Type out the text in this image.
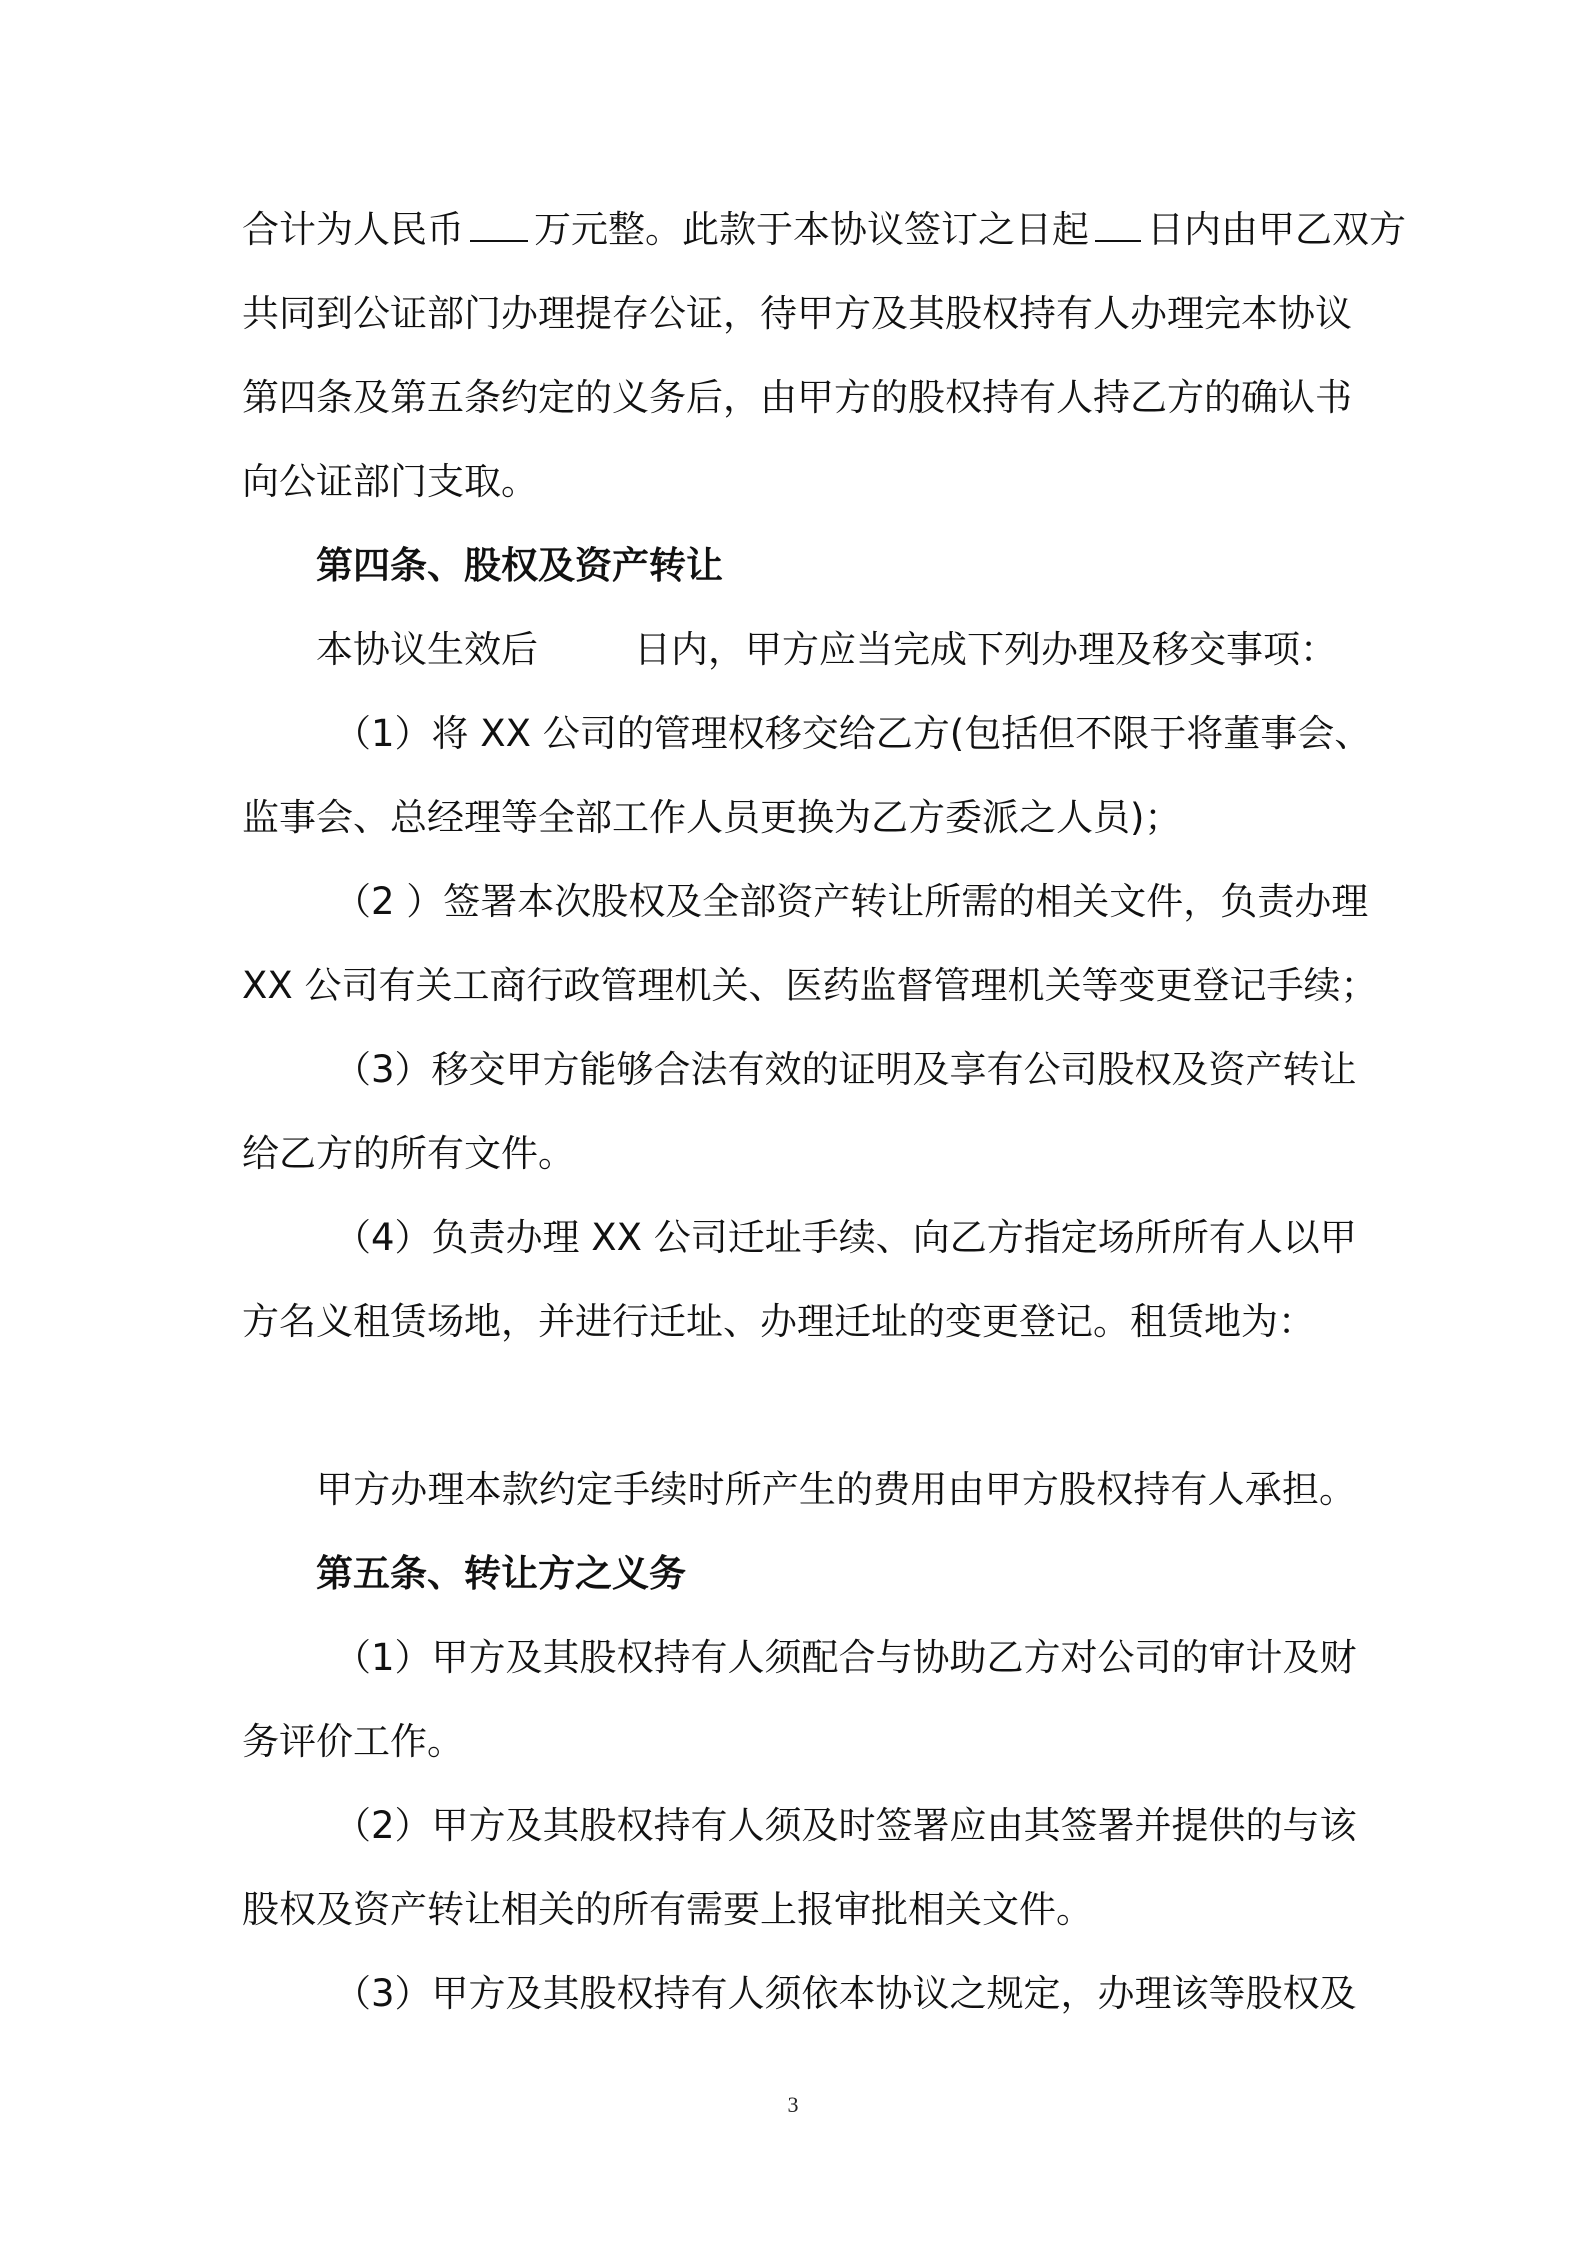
合计为人民币 万元整。此款于本协议签订之日起 日内由甲乙双方
共同到公证部门办理提存公证，待甲方及其股权持有人办理完本协议
第四条及第五条约定的义务后，由甲方的股权持有人持乙方的确认书
向公证部门支取。
第四条、股权及资产转让
本协议生效后	日内，甲方应当完成下列办理及移交事项：
（1）将 XX 公司的管理权移交给乙方(包括但不限于将董事会、
监事会、总经理等全部工作人员更换为乙方委派之人员)；
（2 ）签署本次股权及全部资产转让所需的相关文件，负责办理
XX 公司有关工商行政管理机关、医药监督管理机关等变更登记手续；
（3）移交甲方能够合法有效的证明及享有公司股权及资产转让
给乙方的所有文件。
（4）负责办理 XX 公司迁址手续、向乙方指定场所所有人以甲
方名义租赁场地，并进行迁址、办理迁址的变更登记。租赁地为：
甲方办理本款约定手续时所产生的费用由甲方股权持有人承担。
第五条、转让方之义务
（1）甲方及其股权持有人须配合与协助乙方对公司的审计及财
务评价工作。
（2）甲方及其股权持有人须及时签署应由其签署并提供的与该
股权及资产转让相关的所有需要上报审批相关文件。
（3）甲方及其股权持有人须依本协议之规定，办理该等股权及
3
